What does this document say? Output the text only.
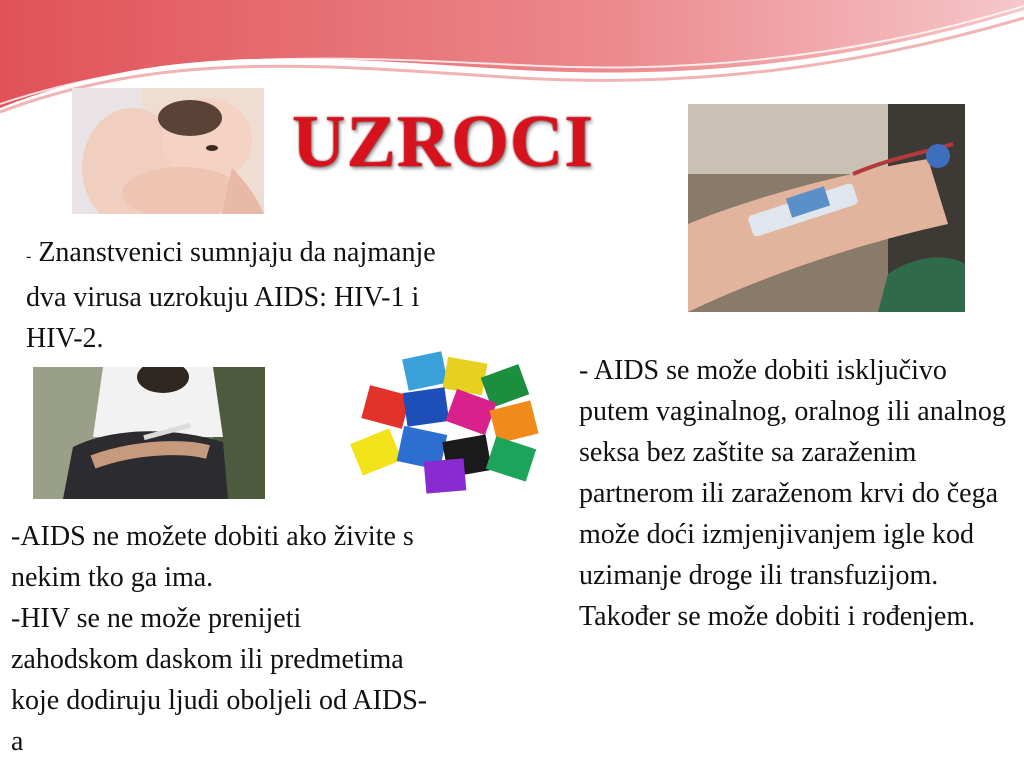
UZROCI

- Znanstvenici sumnjaju da najmanje dva virusa uzrokuju AIDS: HIV-1 i HIV-2.

- AIDS se može dobiti isključivo putem vaginalnog, oralnog ili analnog seksa bez zaštite sa zaraženim partnerom ili zaraženom krvi do čega može doći izmjenjivanjem igle kod uzimanje droge ili transfuzijom. Također se može dobiti i rođenjem.

-AIDS ne možete dobiti ako živite s nekim tko ga ima.

-HIV se ne može prenijeti zahodskom daskom ili predmetima koje dodiruju ljudi oboljeli od AIDS-a
